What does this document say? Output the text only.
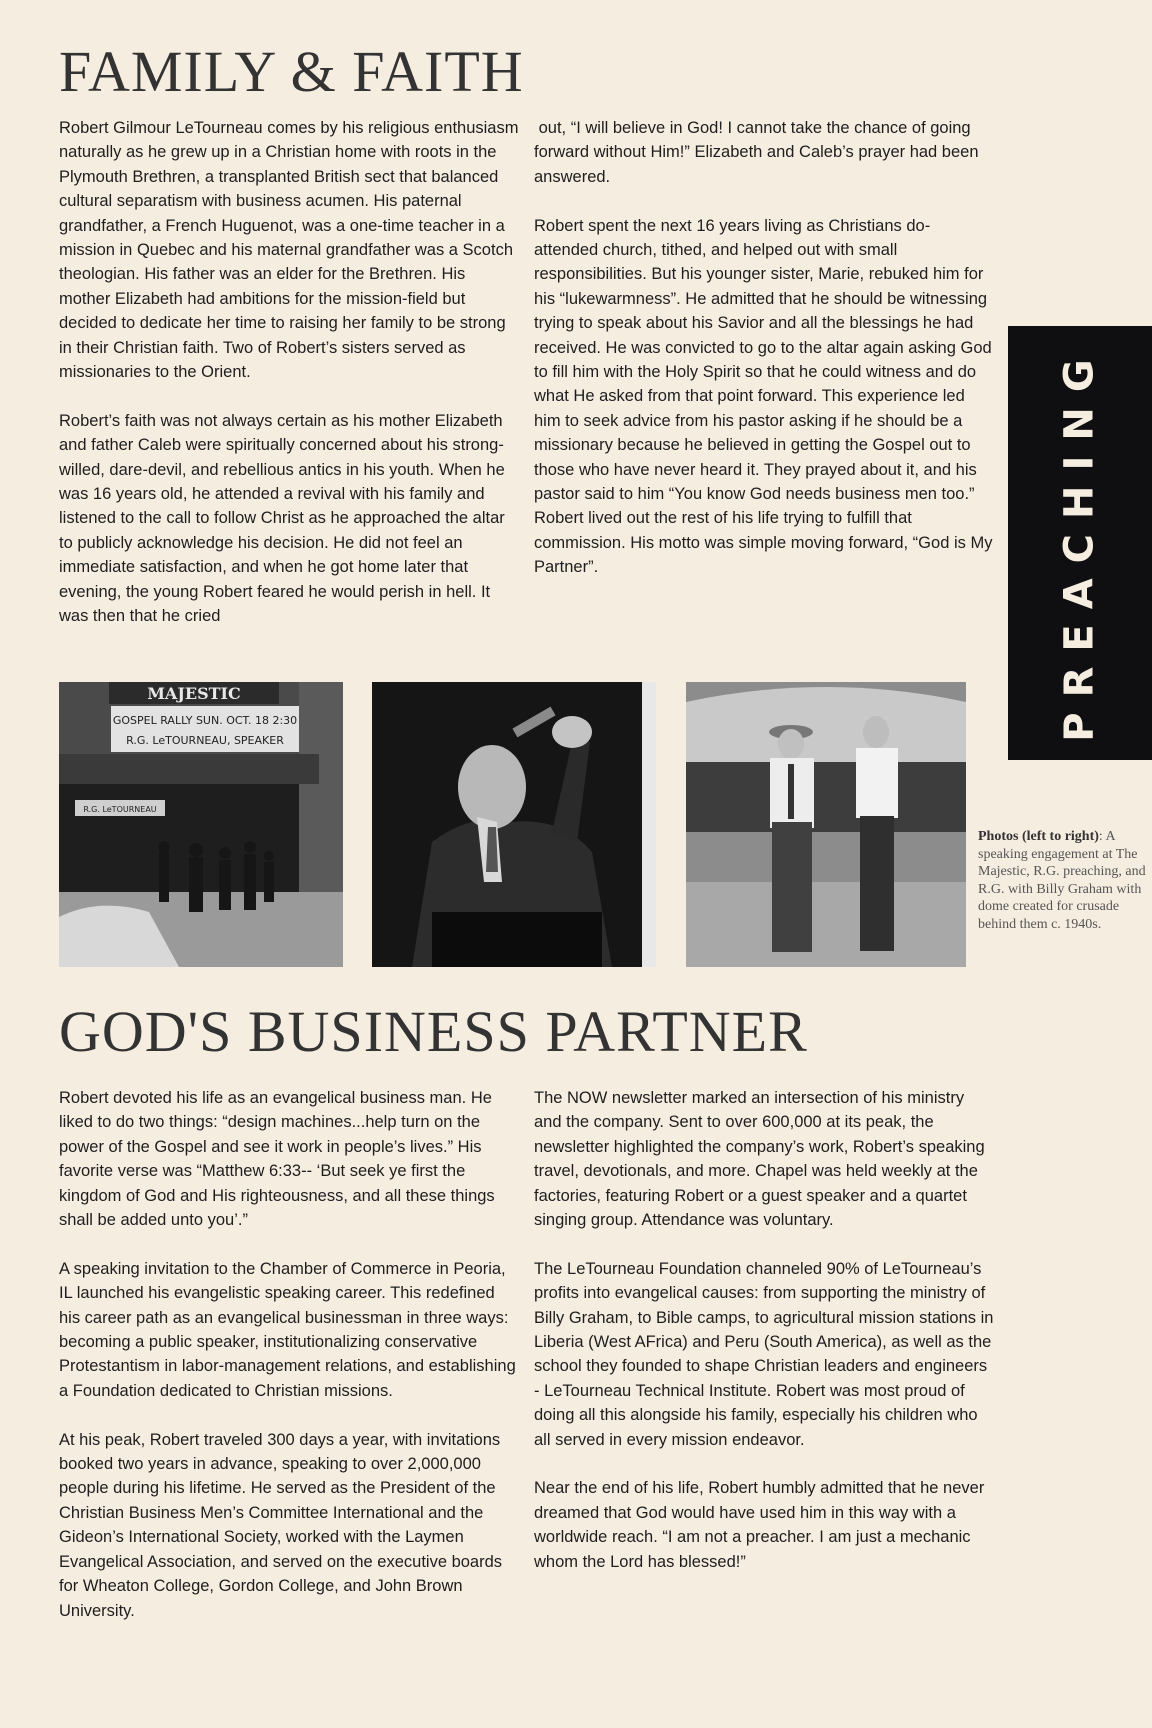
FAMILY & FAITH

Robert Gilmour LeTourneau comes by his religious enthusiasm naturally as he grew up in a Christian home with roots in the Plymouth Brethren, a transplanted British sect that balanced cultural separatism with business acumen. His paternal grandfather, a French Huguenot, was a one-time teacher in a mission in Quebec and his maternal grandfather was a Scotch theologian. His father was an elder for the Brethren. His mother Elizabeth had ambitions for the mission-field but decided to dedicate her time to raising her family to be strong in their Christian faith. Two of Robert’s sisters served as missionaries to the Orient.

Robert’s faith was not always certain as his mother Elizabeth and father Caleb were spiritually concerned about his strong-willed, dare-devil, and rebellious antics in his youth. When he was 16 years old, he attended a revival with his family and listened to the call to follow Christ as he approached the altar to publicly acknowledge his decision. He did not feel an immediate satisfaction, and when he got home later that evening, the young Robert feared he would perish in hell. It was then that he cried

out, “I will believe in God! I cannot take the chance of going forward without Him!” Elizabeth and Caleb’s prayer had been answered.

Robert spent the next 16 years living as Christians do- attended church, tithed, and helped out with small responsibilities. But his younger sister, Marie, rebuked him for his “lukewarmness”. He admitted that he should be witnessing trying to speak about his Savior and all the blessings he had received. He was convicted to go to the altar again asking God to fill him with the Holy Spirit so that he could witness and do what He asked from that point forward. This experience led him to seek advice from his pastor asking if he should be a missionary because he believed in getting the Gospel out to those who have never heard it. They prayed about it, and his pastor said to him “You know God needs business men too.” Robert lived out the rest of his life trying to fulfill that commission. His motto was simple moving forward, “God is My Partner”.	PREACHING
MAJESTIC
GOSPEL RALLY SUN. OCT. 18 2:30
R.G. LeTOURNEAU, SPEAKER
R.G. LeTOURNEAU
Photos (left to right): A speaking engagement at The Majestic, R.G. preaching, and R.G. with Billy Graham with dome created for crusade behind them c. 1940s.
GOD'S BUSINESS PARTNER

Robert devoted his life as an evangelical business man. He liked to do two things: “design machines...help turn on the power of the Gospel and see it work in people’s lives.” His favorite verse was “Matthew 6:33-- ‘But seek ye first the kingdom of God and His righteousness, and all these things shall be added unto you’.”

A speaking invitation to the Chamber of Commerce in Peoria, IL launched his evangelistic speaking career. This redefined his career path as an evangelical businessman in three ways: becoming a public speaker, institutionalizing conservative Protestantism in labor-management relations, and establishing a Foundation dedicated to Christian missions.

At his peak, Robert traveled 300 days a year, with invitations booked two years in advance, speaking to over 2,000,000 people during his lifetime. He served as the President of the Christian Business Men’s Committee International and the Gideon’s International Society, worked with the Laymen Evangelical Association, and served on the executive boards for Wheaton College, Gordon College, and John Brown University.

The NOW newsletter marked an intersection of his ministry and the company. Sent to over 600,000 at its peak, the newsletter highlighted the company’s work, Robert’s speaking travel, devotionals, and more. Chapel was held weekly at the factories, featuring Robert or a guest speaker and a quartet singing group. Attendance was voluntary.

The LeTourneau Foundation channeled 90% of LeTourneau’s profits into evangelical causes: from supporting the ministry of Billy Graham, to Bible camps, to agricultural mission stations in Liberia (West AFrica) and Peru (South America), as well as the school they founded to shape Christian leaders and engineers - LeTourneau Technical Institute. Robert was most proud of doing all this alongside his family, especially his children who all served in every mission endeavor.

Near the end of his life, Robert humbly admitted that he never dreamed that God would have used him in this way with a worldwide reach. “I am not a preacher. I am just a mechanic whom the Lord has blessed!”
